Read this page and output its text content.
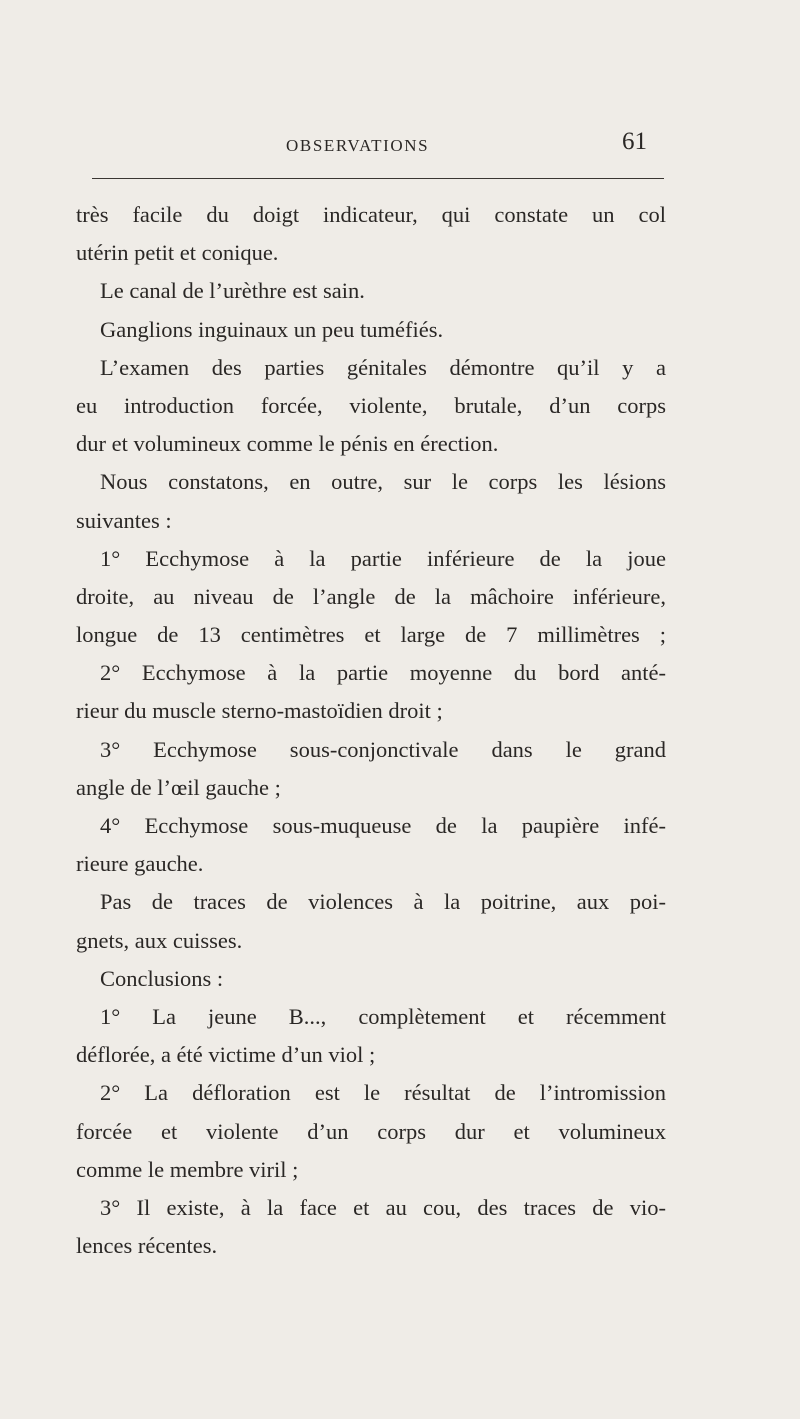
OBSERVATIONS	61
très facile du doigt indicateur, qui constate un col
utérin petit et conique.
Le canal de l’urèthre est sain.
Ganglions inguinaux un peu tuméfiés.
L’examen des parties génitales démontre qu’il y a
eu introduction forcée, violente, brutale, d’un corps
dur et volumineux comme le pénis en érection.
Nous constatons, en outre, sur le corps les lésions
suivantes :
1° Ecchymose à la partie inférieure de la joue
droite, au niveau de l’angle de la mâchoire inférieure,
longue de 13 centimètres et large de 7 millimètres ;
2° Ecchymose à la partie moyenne du bord anté-
rieur du muscle sterno-mastoïdien droit ;
3° Ecchymose sous-conjonctivale dans le grand
angle de l’œil gauche ;
4° Ecchymose sous-muqueuse de la paupière infé-
rieure gauche.
Pas de traces de violences à la poitrine, aux poi-
gnets, aux cuisses.
Conclusions :
1° La jeune B..., complètement et récemment
déflorée, a été victime d’un viol ;
2° La défloration est le résultat de l’intromission
forcée et violente d’un corps dur et volumineux
comme le membre viril ;
3° Il existe, à la face et au cou, des traces de vio-
lences récentes.
